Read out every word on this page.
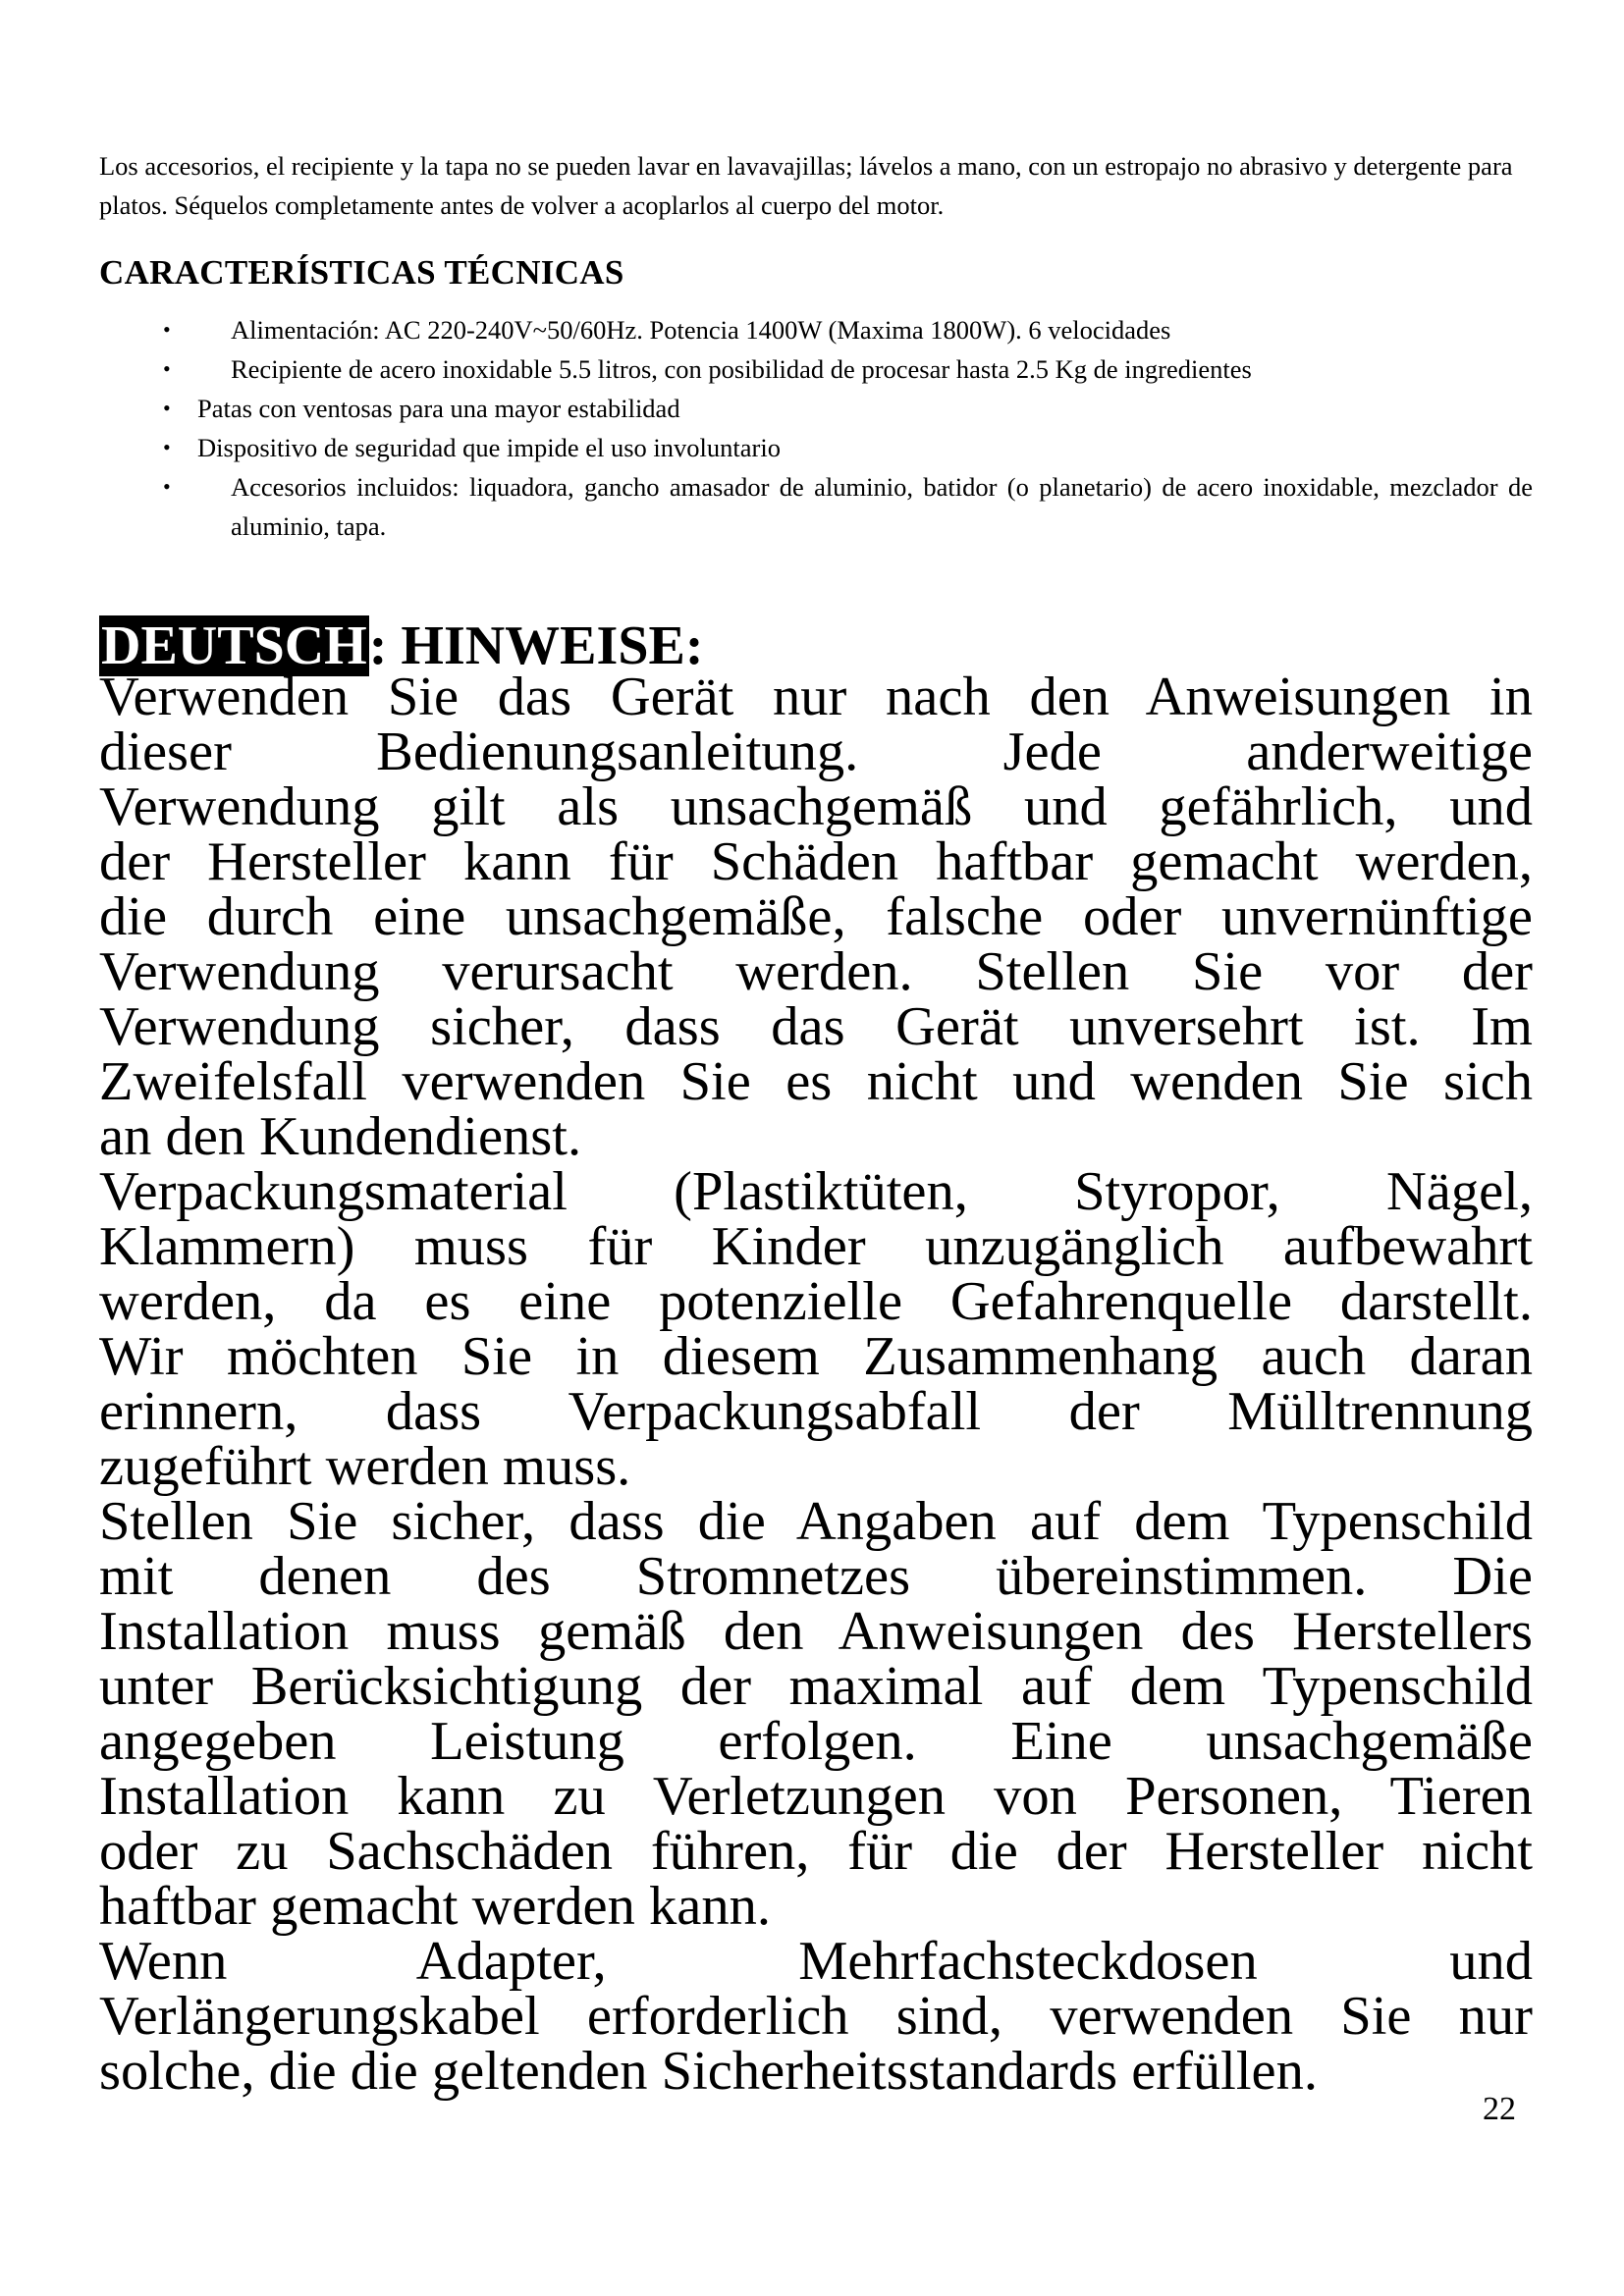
Los accesorios, el recipiente y la tapa no se pueden lavar en lavavajillas; lávelos a mano, con un estropajo no abrasivo y detergente para platos. Séquelos completamente antes de volver a acoplarlos al cuerpo del motor.

CARACTERÍSTICAS TÉCNICAS
• Alimentación: AC 220-240V~50/60Hz. Potencia 1400W (Maxima 1800W). 6 velocidades
• Recipiente de acero inoxidable 5.5 litros, con posibilidad de procesar hasta 2.5 Kg de ingredientes
• Patas con ventosas para una mayor estabilidad
• Dispositivo de seguridad que impide el uso involuntario
• Accesorios incluidos: liquadora, gancho amasador de aluminio, batidor (o planetario) de acero inoxidable, mezclador de aluminio, tapa.
DEUTSCH: HINWEISE:
Verwenden Sie das Gerät nur nach den Anweisungen in
dieser Bedienungsanleitung. Jede anderweitige
Verwendung gilt als unsachgemäß und gefährlich, und
der Hersteller kann für Schäden haftbar gemacht werden,
die durch eine unsachgemäße, falsche oder unvernünftige
Verwendung verursacht werden. Stellen Sie vor der
Verwendung sicher, dass das Gerät unversehrt ist. Im
Zweifelsfall verwenden Sie es nicht und wenden Sie sich
an den Kundendienst.
Verpackungsmaterial (Plastiktüten, Styropor, Nägel,
Klammern) muss für Kinder unzugänglich aufbewahrt
werden, da es eine potenzielle Gefahrenquelle darstellt.
Wir möchten Sie in diesem Zusammenhang auch daran
erinnern, dass Verpackungsabfall der Mülltrennung
zugeführt werden muss.
Stellen Sie sicher, dass die Angaben auf dem Typenschild
mit denen des Stromnetzes übereinstimmen. Die
Installation muss gemäß den Anweisungen des Herstellers
unter Berücksichtigung der maximal auf dem Typenschild
angegeben Leistung erfolgen. Eine unsachgemäße
Installation kann zu Verletzungen von Personen, Tieren
oder zu Sachschäden führen, für die der Hersteller nicht
haftbar gemacht werden kann.
Wenn Adapter, Mehrfachsteckdosen und
Verlängerungskabel erforderlich sind, verwenden Sie nur
solche, die die geltenden Sicherheitsstandards erfüllen.
22
